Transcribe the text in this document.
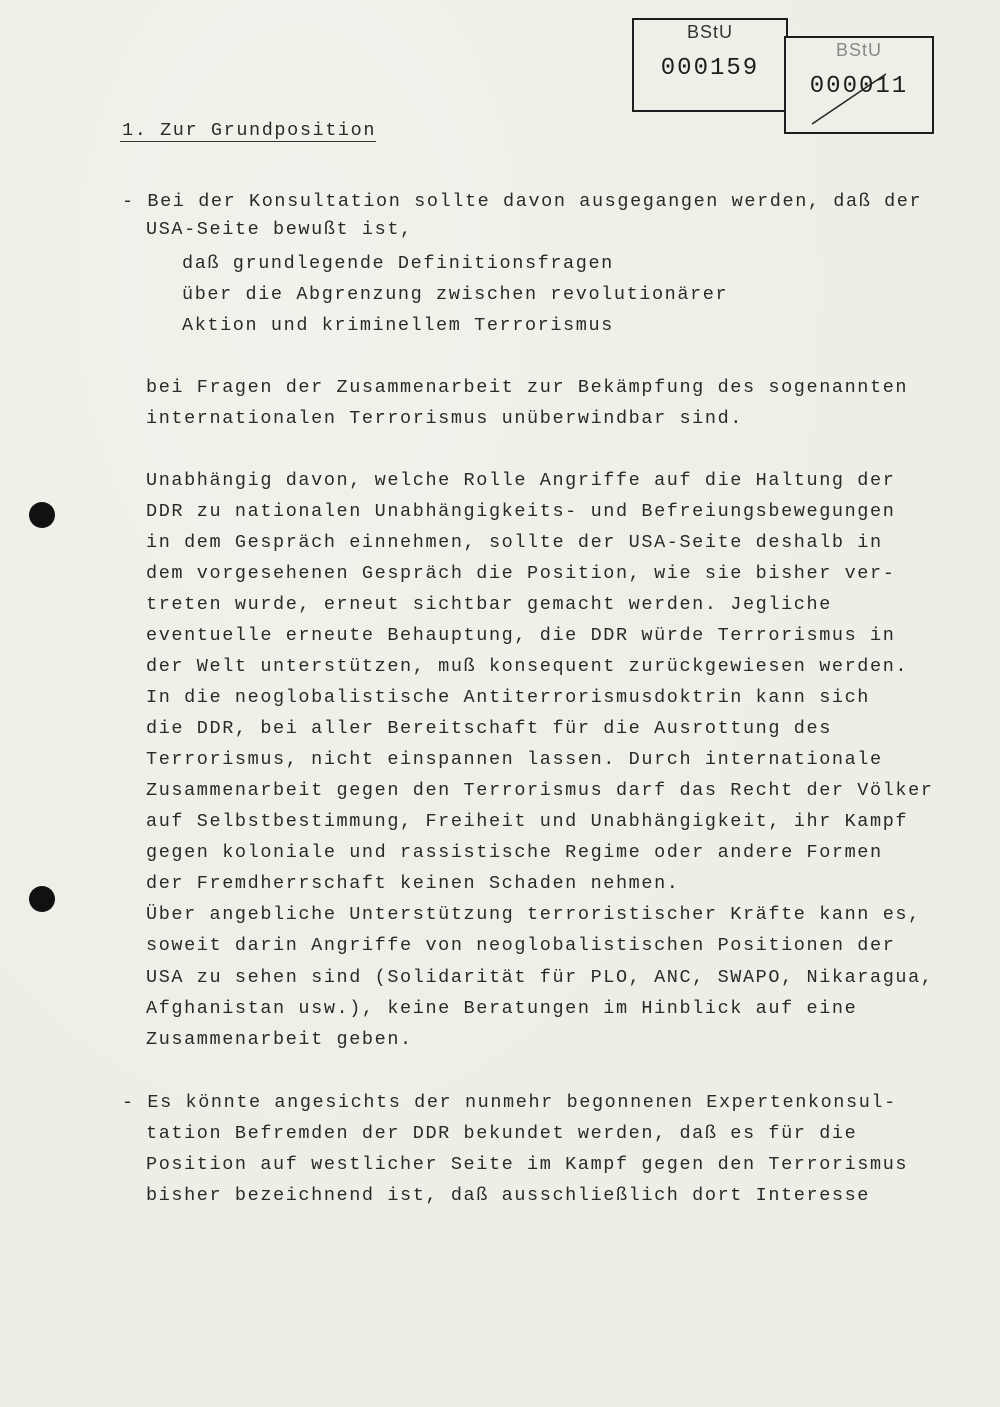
BStU
000159
BStU
000011
1. Zur Grundposition
- Bei der Konsultation sollte davon ausgegangen werden, daß der
USA-Seite bewußt ist,
daß grundlegende Definitionsfragen
über die Abgrenzung zwischen revolutionärer
Aktion und kriminellem Terrorismus
bei Fragen der Zusammenarbeit zur Bekämpfung des sogenannten
internationalen Terrorismus unüberwindbar sind.
Unabhängig davon, welche Rolle Angriffe auf die Haltung der
DDR zu nationalen Unabhängigkeits- und Befreiungsbewegungen
in dem Gespräch einnehmen, sollte der USA-Seite deshalb in
dem vorgesehenen Gespräch die Position, wie sie bisher ver-
treten wurde, erneut sichtbar gemacht werden. Jegliche
eventuelle erneute Behauptung, die DDR würde Terrorismus in
der Welt unterstützen, muß konsequent zurückgewiesen werden.
In die neoglobalistische Antiterrorismusdoktrin kann sich
die DDR, bei aller Bereitschaft für die Ausrottung des
Terrorismus, nicht einspannen lassen. Durch internationale
Zusammenarbeit gegen den Terrorismus darf das Recht der Völker
auf Selbstbestimmung, Freiheit und Unabhängigkeit, ihr Kampf
gegen koloniale und rassistische Regime oder andere Formen
der Fremdherrschaft keinen Schaden nehmen.
Über angebliche Unterstützung terroristischer Kräfte kann es,
soweit darin Angriffe von neoglobalistischen Positionen der
USA zu sehen sind (Solidarität für PLO, ANC, SWAPO, Nikaragua,
Afghanistan usw.), keine Beratungen im Hinblick auf eine
Zusammenarbeit geben.
- Es könnte angesichts der nunmehr begonnenen Expertenkonsul-
tation Befremden der DDR bekundet werden, daß es für die
Position auf westlicher Seite im Kampf gegen den Terrorismus
bisher bezeichnend ist, daß ausschließlich dort Interesse
